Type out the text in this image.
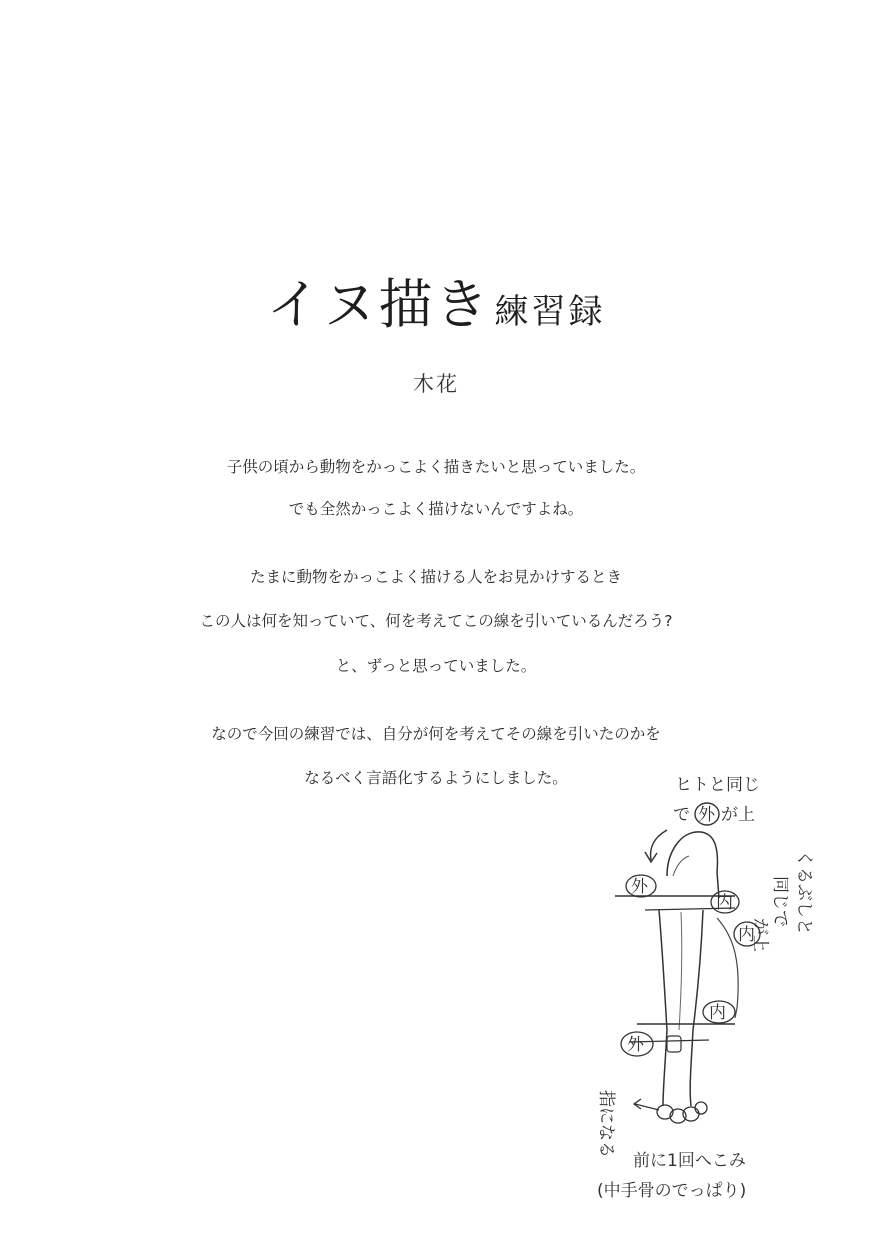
イヌ描き 練習録
木花
子供の頃から動物をかっこよく描きたいと思っていました。
でも全然かっこよく描けないんですよね。
たまに動物をかっこよく描ける人をお見かけするとき
この人は何を知っていて、何を考えてこの線を引いているんだろう?
と、ずっと思っていました。
なので今回の練習では、自分が何を考えてその線を引いたのかを
なるべく言語化するようにしました。	ヒトと同じ
で 外 が上
くるぶしと
同じで
が上
外
内
内
内
外
指になる
前に1回へこみ
(中手骨のでっぱり)
